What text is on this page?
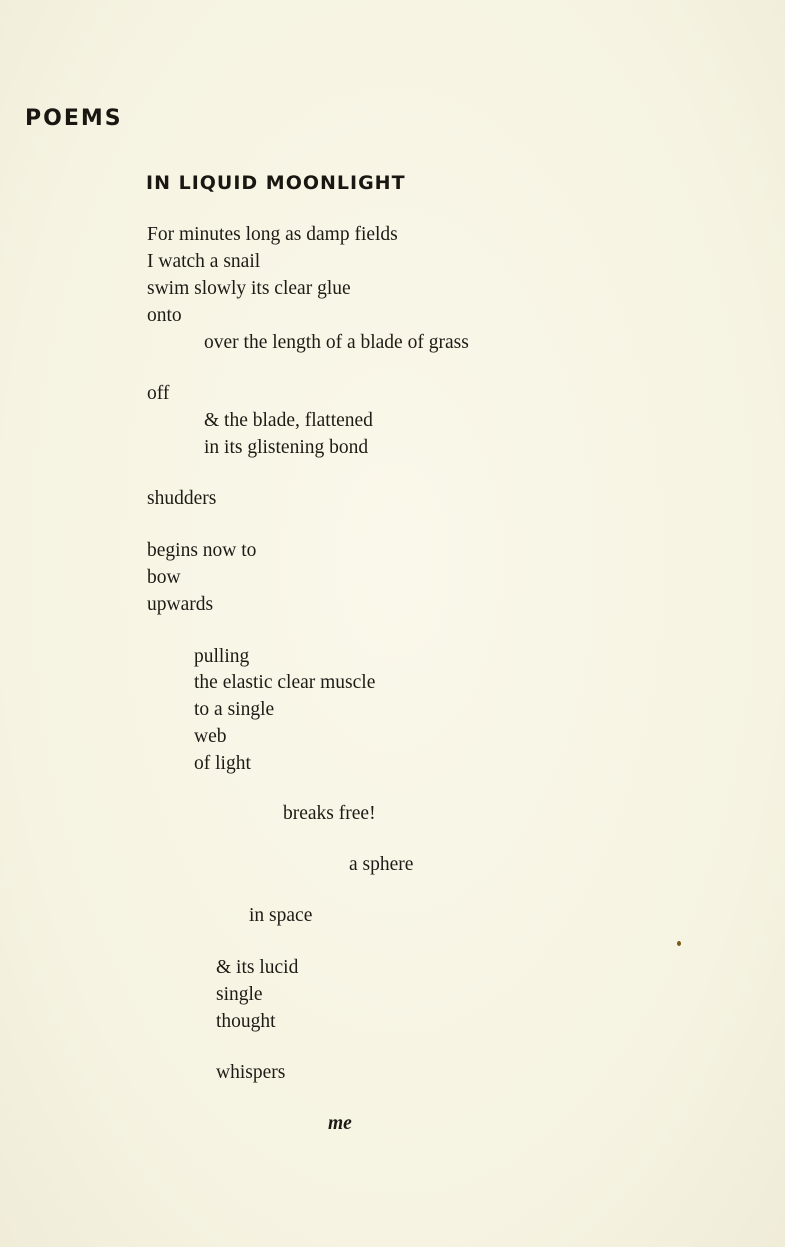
POEMS
IN LIQUID MOONLIGHT
For minutes long as damp fields
I watch a snail
swim slowly its clear glue
onto
over the length of a blade of grass
off
& the blade, flattened
in its glistening bond
shudders
begins now to
bow
upwards
pulling
the elastic clear muscle
to a single
web
of light
breaks free!
a sphere
in space
& its lucid
single
thought
whispers
me
